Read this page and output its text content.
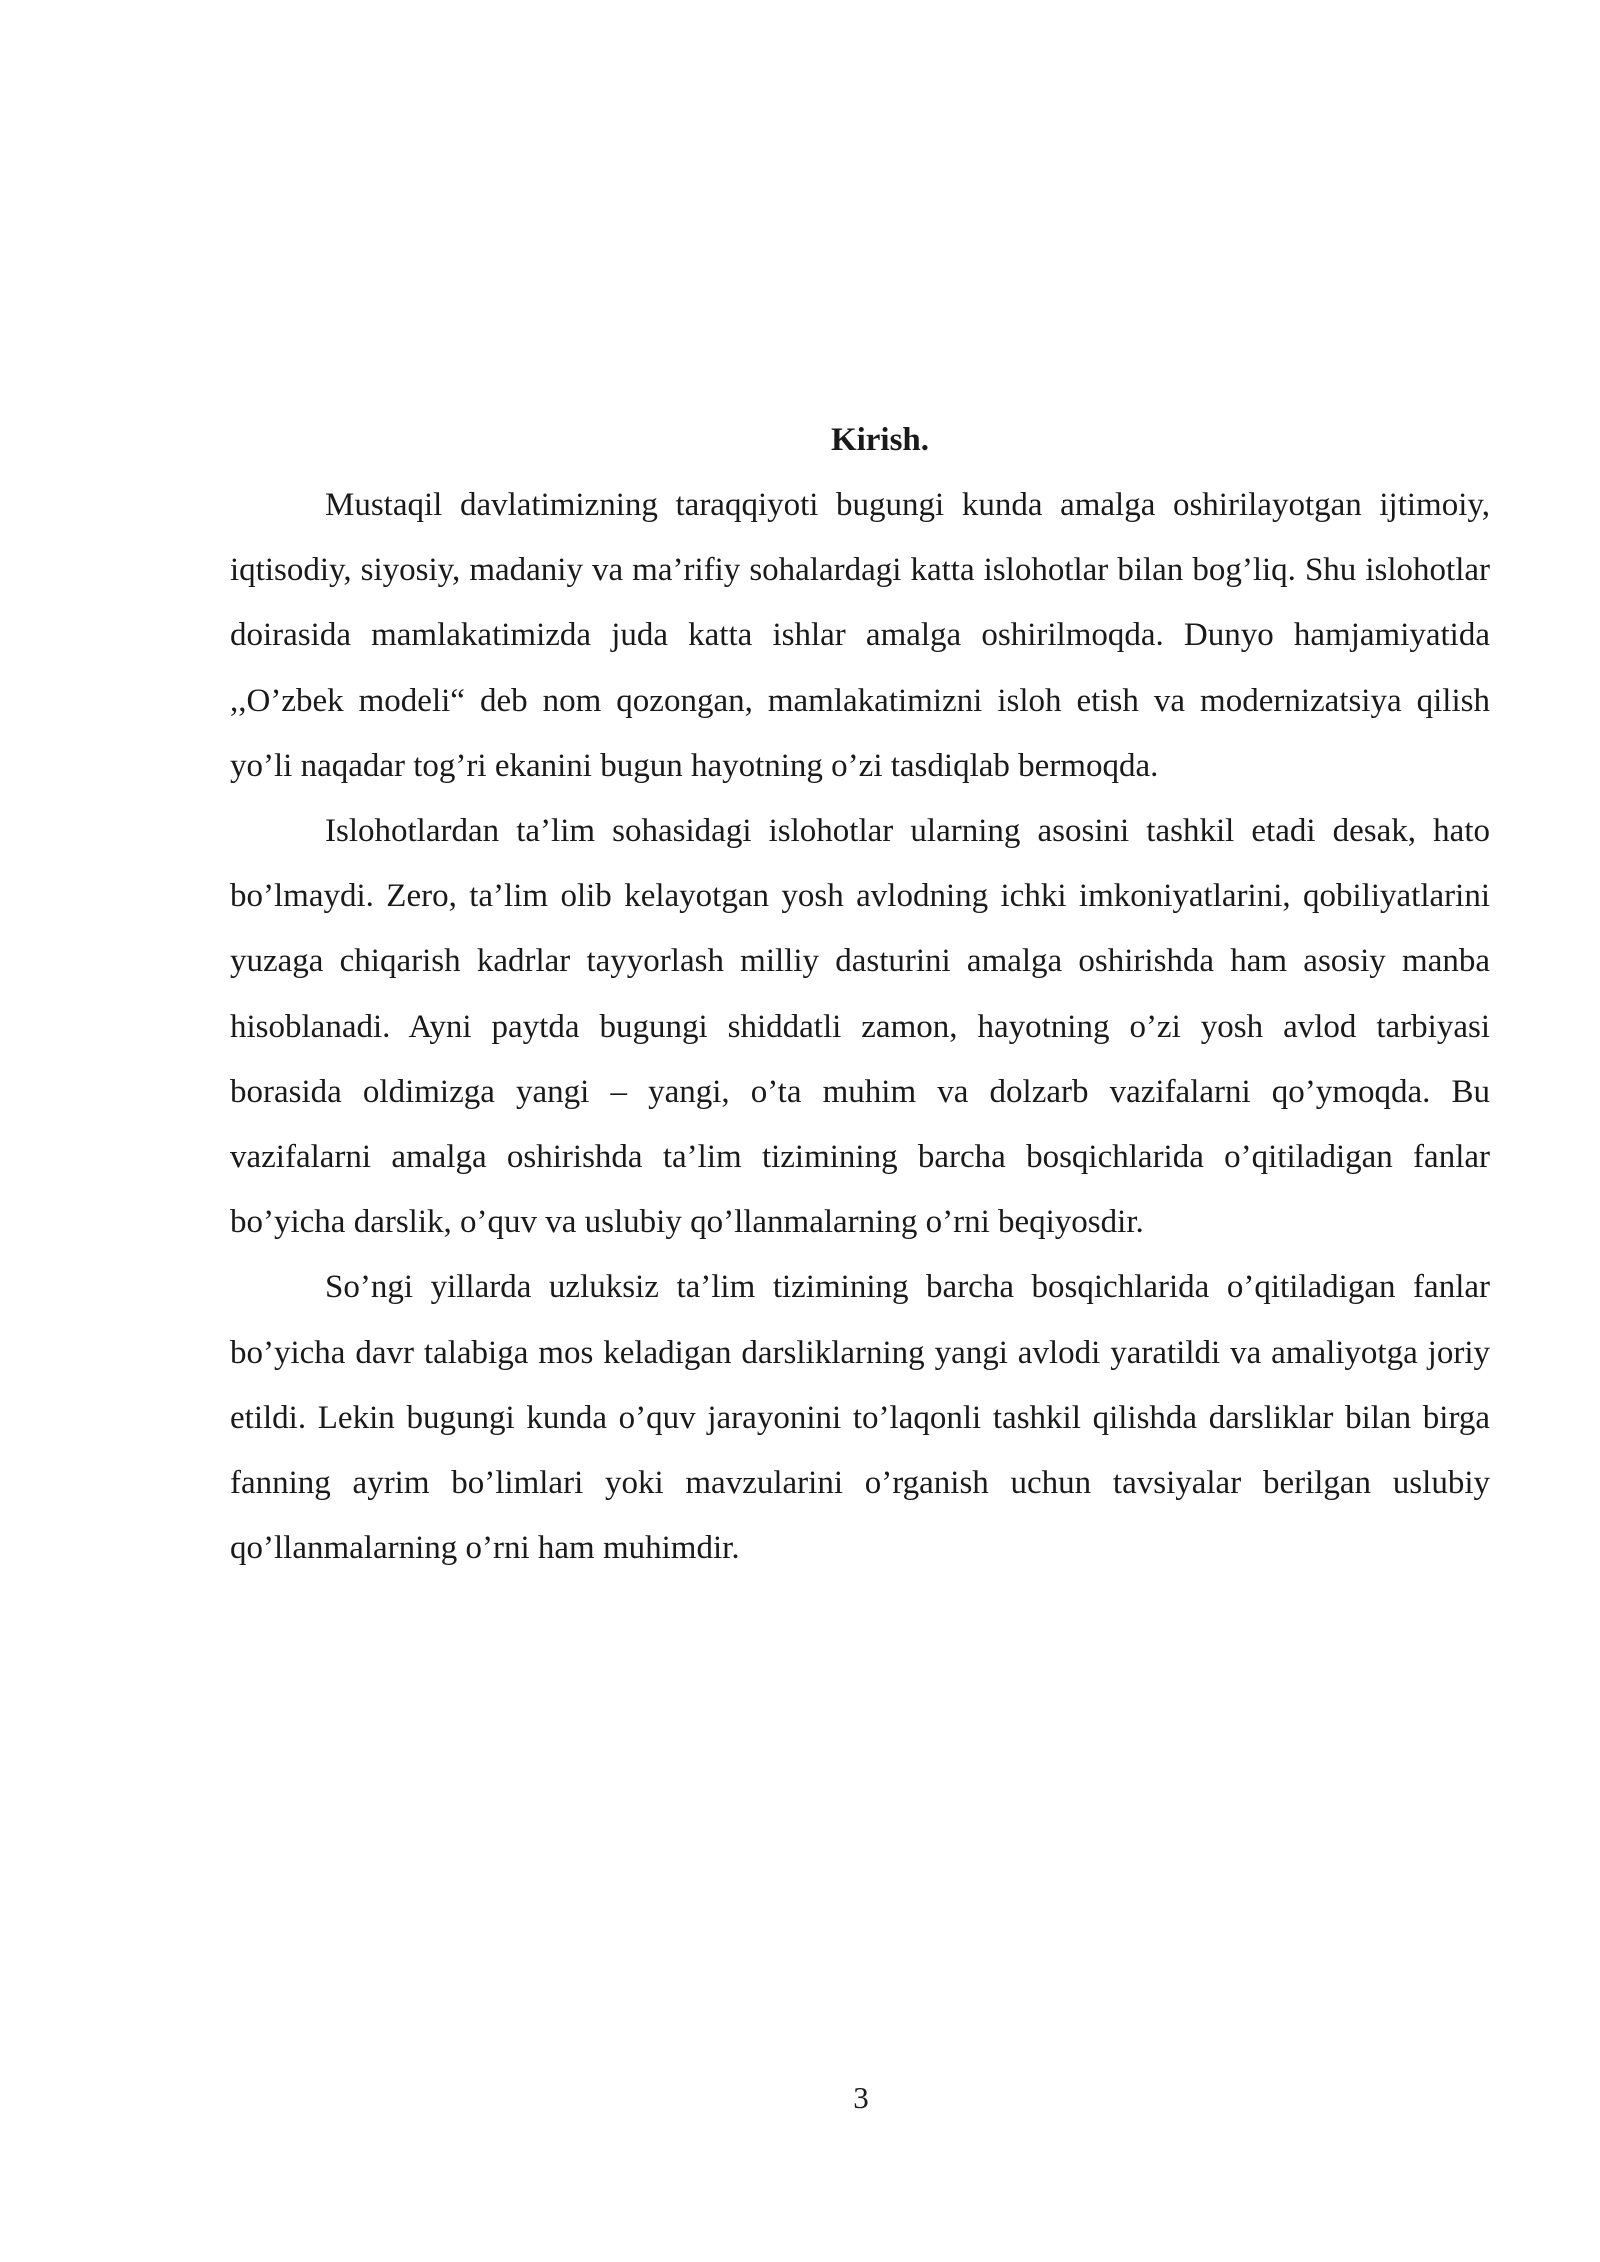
Kirish.

Mustaqil davlatimizning taraqqiyoti bugungi kunda amalga oshirilayotgan ijtimoiy, iqtisodiy, siyosiy, madaniy va ma’rifiy sohalardagi katta islohotlar bilan bog’liq. Shu islohotlar doirasida mamlakatimizda juda katta ishlar amalga oshirilmoqda. Dunyo hamjamiyatida ,,O’zbek modeli“ deb nom qozongan, mamlakatimizni isloh etish va modernizatsiya qilish yo’li naqadar tog’ri ekanini bugun hayotning o’zi tasdiqlab bermoqda.

Islohotlardan ta’lim sohasidagi islohotlar ularning asosini tashkil etadi desak, hato bo’lmaydi. Zero, ta’lim olib kelayotgan yosh avlodning ichki imkoniyatlarini, qobiliyatlarini yuzaga chiqarish kadrlar tayyorlash milliy dasturini amalga oshirishda ham asosiy manba hisoblanadi. Ayni paytda bugungi shiddatli zamon, hayotning o’zi yosh avlod tarbiyasi borasida oldimizga yangi – yangi, o’ta muhim va dolzarb vazifalarni qo’ymoqda. Bu vazifalarni amalga oshirishda ta’lim tizimining barcha bosqichlarida o’qitiladigan fanlar bo’yicha darslik, o’quv va uslubiy qo’llanmalarning o’rni beqiyosdir.

So’ngi yillarda uzluksiz ta’lim tizimining barcha bosqichlarida o’qitiladigan fanlar bo’yicha davr talabiga mos keladigan darsliklarning yangi avlodi yaratildi va amaliyotga joriy etildi. Lekin bugungi kunda o’quv jarayonini to’laqonli tashkil qilishda darsliklar bilan birga fanning ayrim bo’limlari yoki mavzularini o’rganish uchun tavsiyalar berilgan uslubiy qo’llanmalarning o’rni ham muhimdir.

3
